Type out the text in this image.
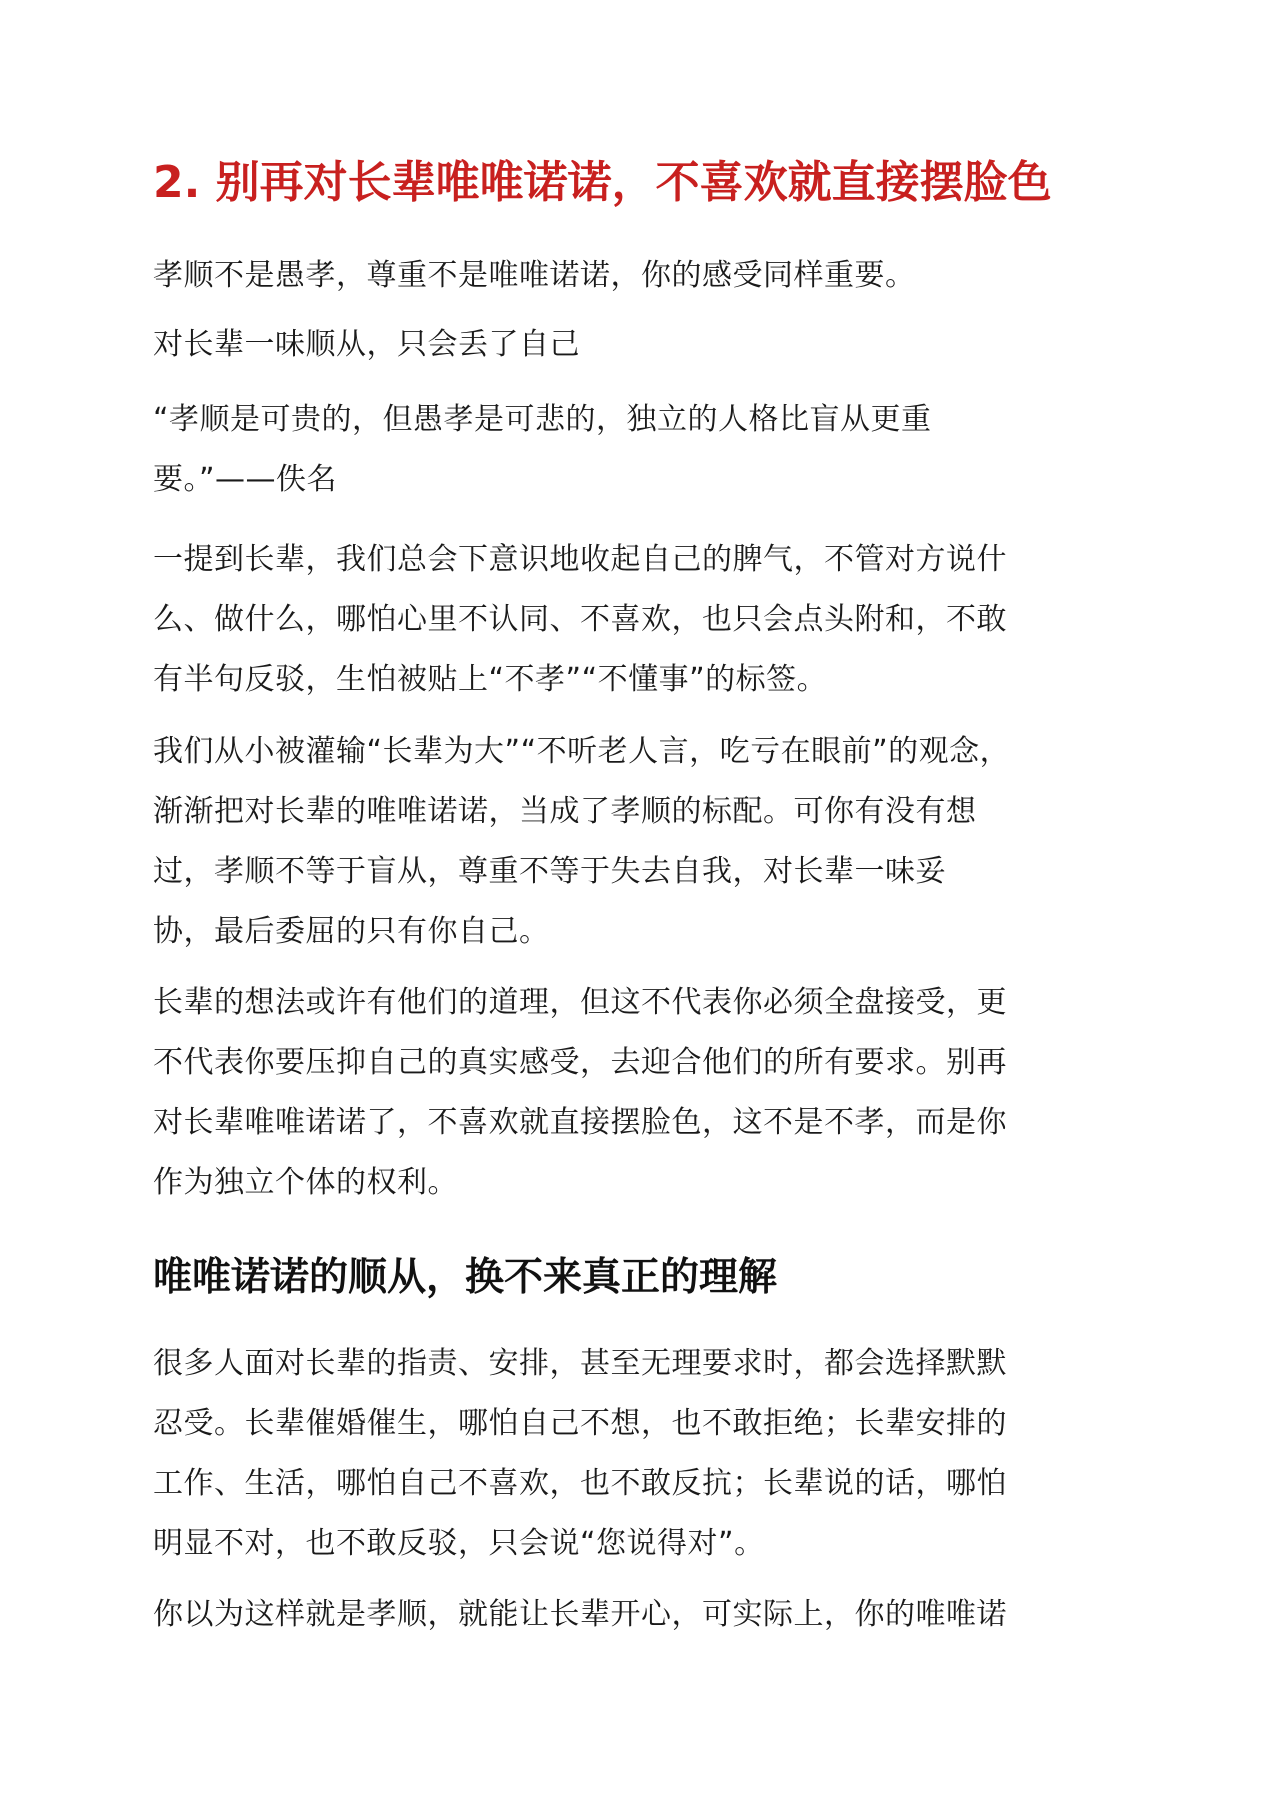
2. 别再对长辈唯唯诺诺，不喜欢就直接摆脸色

孝顺不是愚孝，尊重不是唯唯诺诺，你的感受同样重要。

对长辈一味顺从，只会丢了自己

“孝顺是可贵的，但愚孝是可悲的，独立的人格比盲从更重
要。”——佚名

一提到长辈，我们总会下意识地收起自己的脾气，不管对方说什
么、做什么，哪怕心里不认同、不喜欢，也只会点头附和，不敢
有半句反驳，生怕被贴上“不孝”“不懂事”的标签。

我们从小被灌输“长辈为大”“不听老人言，吃亏在眼前”的观念，
渐渐把对长辈的唯唯诺诺，当成了孝顺的标配。可你有没有想
过，孝顺不等于盲从，尊重不等于失去自我，对长辈一味妥
协，最后委屈的只有你自己。

长辈的想法或许有他们的道理，但这不代表你必须全盘接受，更
不代表你要压抑自己的真实感受，去迎合他们的所有要求。别再
对长辈唯唯诺诺了，不喜欢就直接摆脸色，这不是不孝，而是你
作为独立个体的权利。

唯唯诺诺的顺从，换不来真正的理解

很多人面对长辈的指责、安排，甚至无理要求时，都会选择默默
忍受。长辈催婚催生，哪怕自己不想，也不敢拒绝；长辈安排的
工作、生活，哪怕自己不喜欢，也不敢反抗；长辈说的话，哪怕
明显不对，也不敢反驳，只会说“您说得对”。

你以为这样就是孝顺，就能让长辈开心，可实际上，你的唯唯诺
